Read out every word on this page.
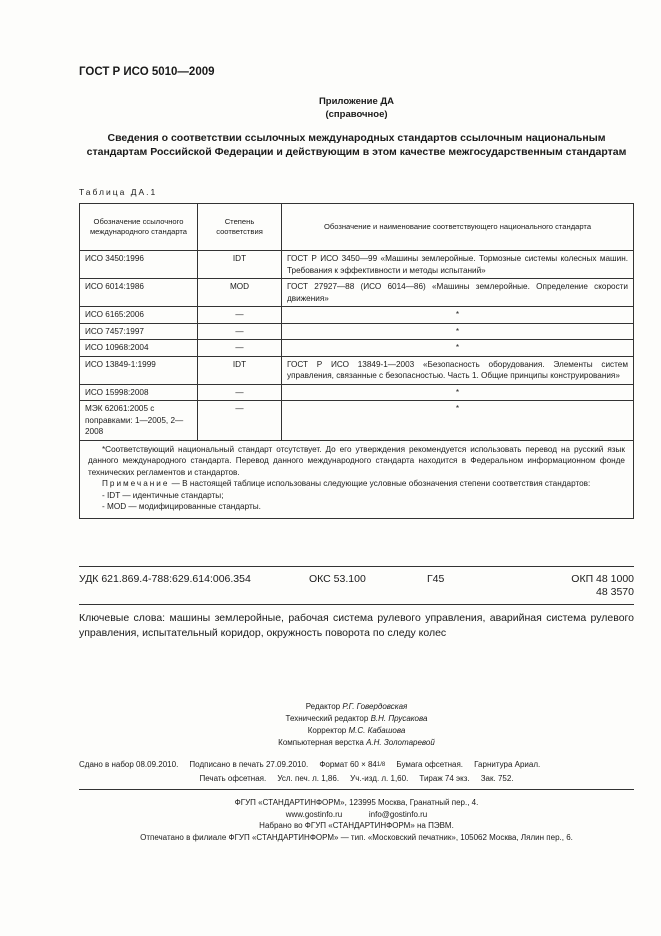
ГОСТ Р ИСО 5010—2009
Приложение ДА
(справочное)
Сведения о соответствии ссылочных международных стандартов ссылочным национальным стандартам Российской Федерации и действующим в этом качестве межгосударственным стандартам
Таблица ДА.1
Обозначение ссылочного международного стандарта	Степень соответствия	Обозначение и наименование соответствующего национального стандарта
ИСО 3450:1996	IDT	ГОСТ Р ИСО 3450—99 «Машины землеройные. Тормозные системы колесных машин. Требования к эффективности и методы испытаний»
ИСО 6014:1986	MOD	ГОСТ 27927—88 (ИСО 6014—86) «Машины землеройные. Определение скорости движения»
ИСО 6165:2006	—	*
ИСО 7457:1997	—	*
ИСО 10968:2004	—	*
ИСО 13849-1:1999	IDT	ГОСТ Р ИСО 13849-1—2003 «Безопасность оборудования. Элементы систем управления, связанные с безопасностью. Часть 1. Общие принципы конструирования»
ИСО 15998:2008	—	*
МЭК 62061:2005 с поправками: 1—2005, 2—2008	—	*

*Соответствующий национальный стандарт отсутствует. До его утверждения рекомендуется использовать перевод на русский язык данного международного стандарта. Перевод данного международного стандарта находится в Федеральном информационном фонде технических регламентов и стандартов.

Примечание — В настоящей таблице использованы следующие условные обозначения степени соответствия стандартов:

- IDT — идентичные стандарты;

- MOD — модифицированные стандарты.		

УДК 621.869.4-788:629.614:006.354	ОКС 53.100	Г45	ОКП 48 1000
48 3570
Ключевые слова: машины землеройные, рабочая система рулевого управления, аварийная система рулевого управления, испытательный коридор, окружность поворота по следу колес
Редактор Р.Г. Говердовская
Технический редактор В.Н. Прусакова
Корректор М.С. Кабашова
Компьютерная верстка А.Н. Золотаревой
Сдано в набор 08.09.2010. Подписано в печать 27.09.2010. Формат 60 × 841/8 Бумага офсетная. Гарнитура Ариал.
Печать офсетная. Усл. печ. л. 1,86. Уч.-изд. л. 1,60. Тираж 74 экз. Зак. 752.
ФГУП «СТАНДАРТИНФОРМ», 123995 Москва, Гранатный пер., 4.
www.gostinfo.ru	info@gostinfo.ru
Набрано во ФГУП «СТАНДАРТИНФОРМ» на ПЭВМ.
Отпечатано в филиале ФГУП «СТАНДАРТИНФОРМ» — тип. «Московский печатник», 105062 Москва, Лялин пер., 6.
